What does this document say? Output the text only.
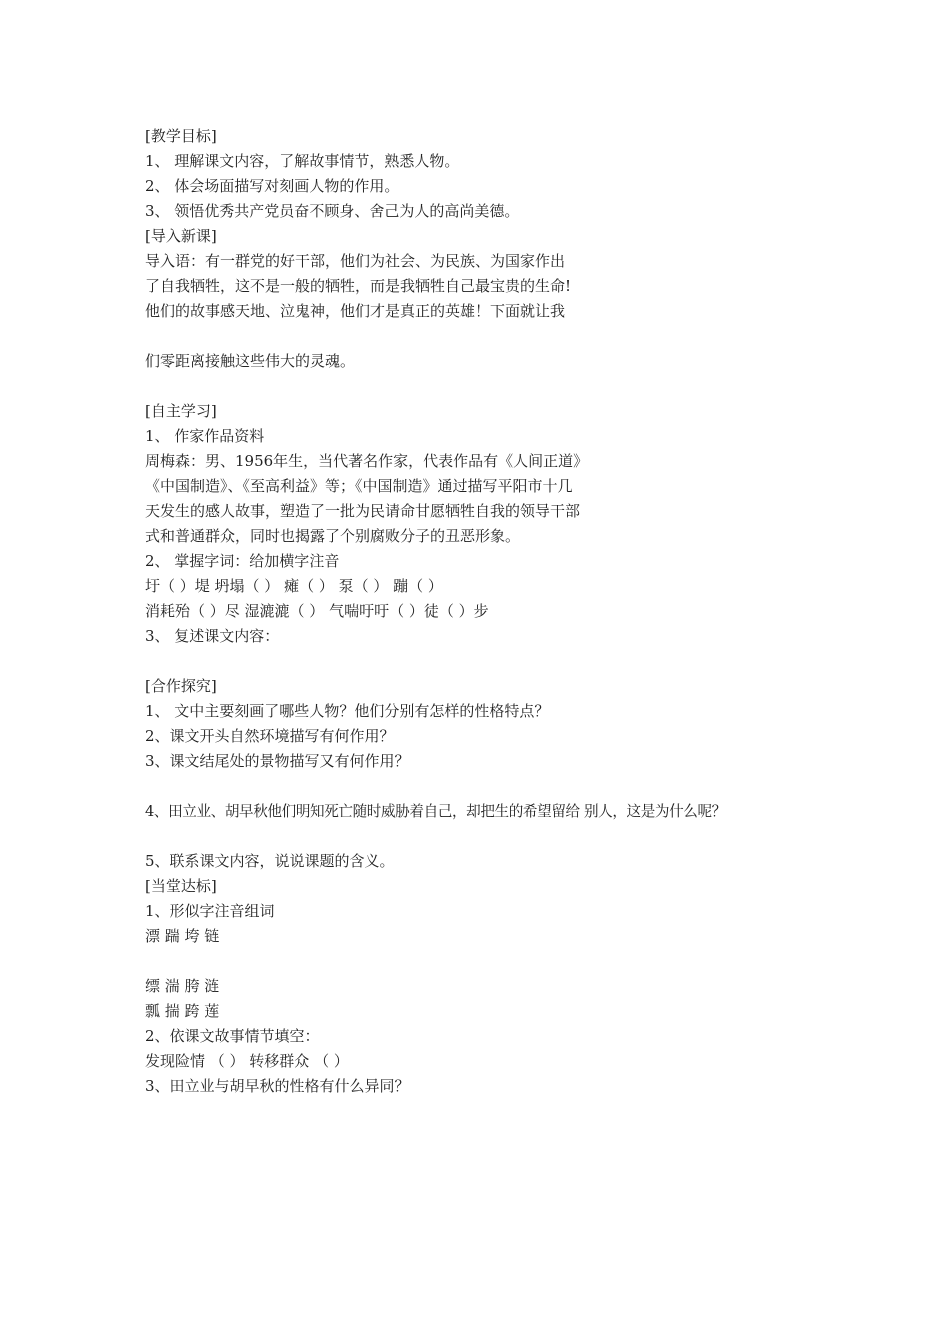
[教学目标]
1、 理解课文内容，了解故事情节，熟悉人物。
2、 体会场面描写对刻画人物的作用。
3、 领悟优秀共产党员奋不顾身、舍己为人的高尚美德。
[导入新课]
导入语：有一群党的好干部，他们为社会、为民族、为国家作出
了自我牺牲，这不是一般的牺牲，而是我牺牲自己最宝贵的生命!
他们的故事感天地、泣鬼神，他们才是真正的英雄！下面就让我
们零距离接触这些伟大的灵魂。
[自主学习]
1、 作家作品资料
周梅森：男、1956年生，当代著名作家，代表作品有《人间正道》
《中国制造》、《至高利益》等；《中国制造》通过描写平阳市十几
天发生的感人故事，塑造了一批为民请命甘愿牺牲自我的领导干部
式和普通群众，同时也揭露了个别腐败分子的丑恶形象。
2、 掌握字词：给加横字注音
圩（ ）堤 坍塌（ ） 瘫（ ） 泵（ ） 蹦（ ）
消耗殆（ ）尽 湿漉漉（ ） 气喘吁吁（ ）徒（ ）步
3、 复述课文内容：
[合作探究]
1、 文中主要刻画了哪些人物？他们分别有怎样的性格特点？
2、课文开头自然环境描写有何作用？
3、课文结尾处的景物描写又有何作用？
4、田立业、胡早秋他们明知死亡随时威胁着自己，却把生的希望留给 别人，这是为什么呢？
5、联系课文内容，说说课题的含义。
[当堂达标]
1、形似字注音组词
漂 踹 垮 链
缥 湍 胯 涟
瓢 揣 跨 莲
2、依课文故事情节填空：
发现险情 （ ） 转移群众 （ ）
3、田立业与胡早秋的性格有什么异同？
